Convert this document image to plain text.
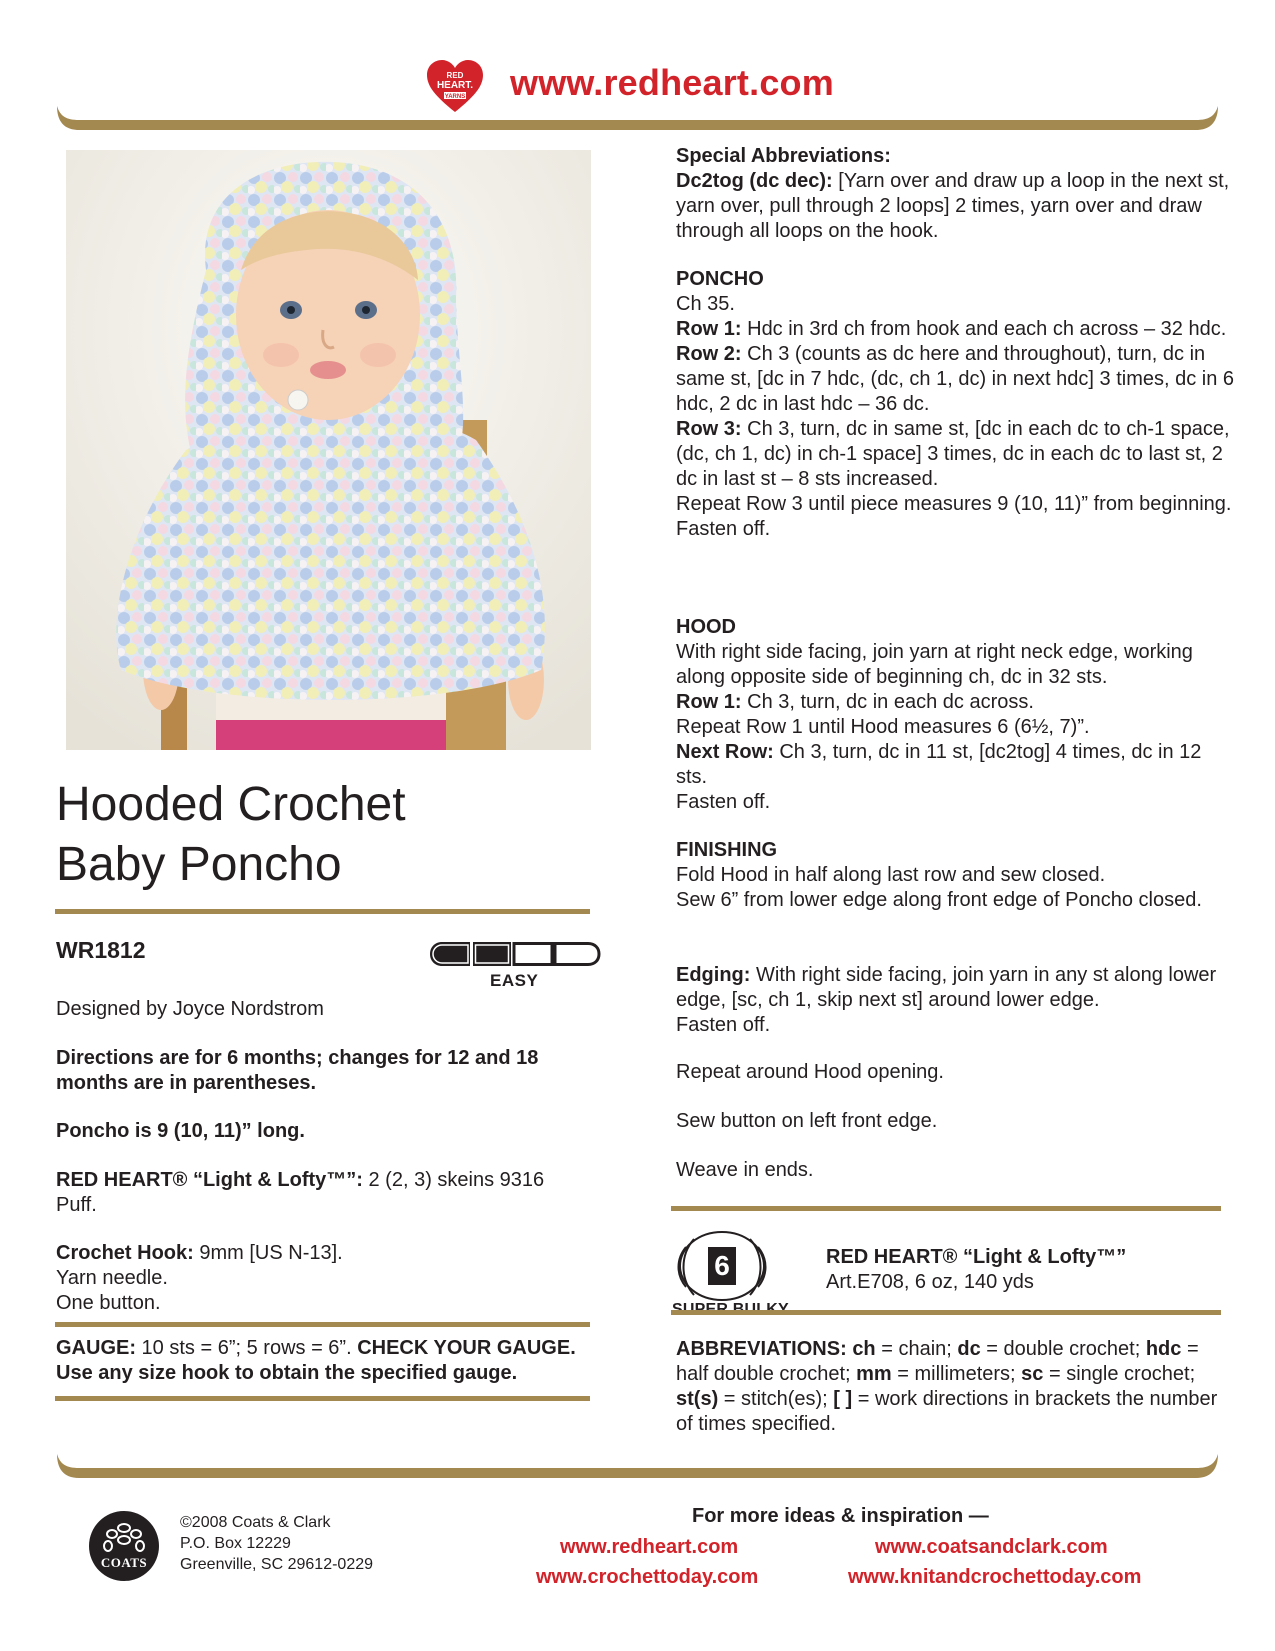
RED
HEART.
YARNS www.redheart.com
Hooded Crochet
Baby Poncho
WR1812
EASY
Designed by Joyce Nordstrom
Directions are for 6 months; changes for 12 and 18 months are in parentheses.
Poncho is 9 (10, 11)” long.
RED HEART® “Light & Lofty™”: 2 (2, 3) skeins 9316 Puff.

Crochet Hook: 9mm [US N-13].

Yarn needle.

One button.

GAUGE: 10 sts = 6”; 5 rows = 6”. CHECK YOUR GAUGE. Use any size hook to obtain the specified gauge.

Special Abbreviations:

Dc2tog (dc dec): [Yarn over and draw up a loop in the next st, yarn over, pull through 2 loops] 2 times, yarn over and draw through all loops on the hook.

PONCHO

Ch 35.

Row 1: Hdc in 3rd ch from hook and each ch across – 32 hdc.

Row 2: Ch 3 (counts as dc here and throughout), turn, dc in same st, [dc in 7 hdc, (dc, ch 1, dc) in next hdc] 3 times, dc in 6 hdc, 2 dc in last hdc – 36 dc.

Row 3: Ch 3, turn, dc in same st, [dc in each dc to ch-1 space, (dc, ch 1, dc) in ch-1 space] 3 times, dc in each dc to last st, 2 dc in last st – 8 sts increased.

Repeat Row 3 until piece measures 9 (10, 11)” from beginning.

Fasten off.

HOOD

With right side facing, join yarn at right neck edge, working along opposite side of beginning ch, dc in 32 sts.

Row 1: Ch 3, turn, dc in each dc across.

Repeat Row 1 until Hood measures 6 (6½, 7)”.

Next Row: Ch 3, turn, dc in 11 st, [dc2tog] 4 times, dc in 12 sts.

Fasten off.

FINISHING

Fold Hood in half along last row and sew closed.

Sew 6” from lower edge along front edge of Poncho closed.

Edging: With right side facing, join yarn in any st along lower edge, [sc, ch 1, skip next st] around lower edge.

Fasten off.

Repeat around Hood opening.
Sew button on left front edge.
Weave in ends.
6	RED HEART® “Light & Lofty™”

Art.E708, 6 oz, 140 yds

ABBREVIATIONS: ch = chain; dc = double crochet; hdc = half double crochet; mm = millimeters; sc = single crochet; st(s) = stitch(es); [ ] = work directions in brackets the number of times specified.
COATS

©2008 Coats & Clark

P.O. Box 12229

Greenville, SC 29612-0229

For more ideas & inspiration —
www.redheart.com	www.coatsandclark.com
www.crochettoday.com	www.knitandcrochettoday.com
